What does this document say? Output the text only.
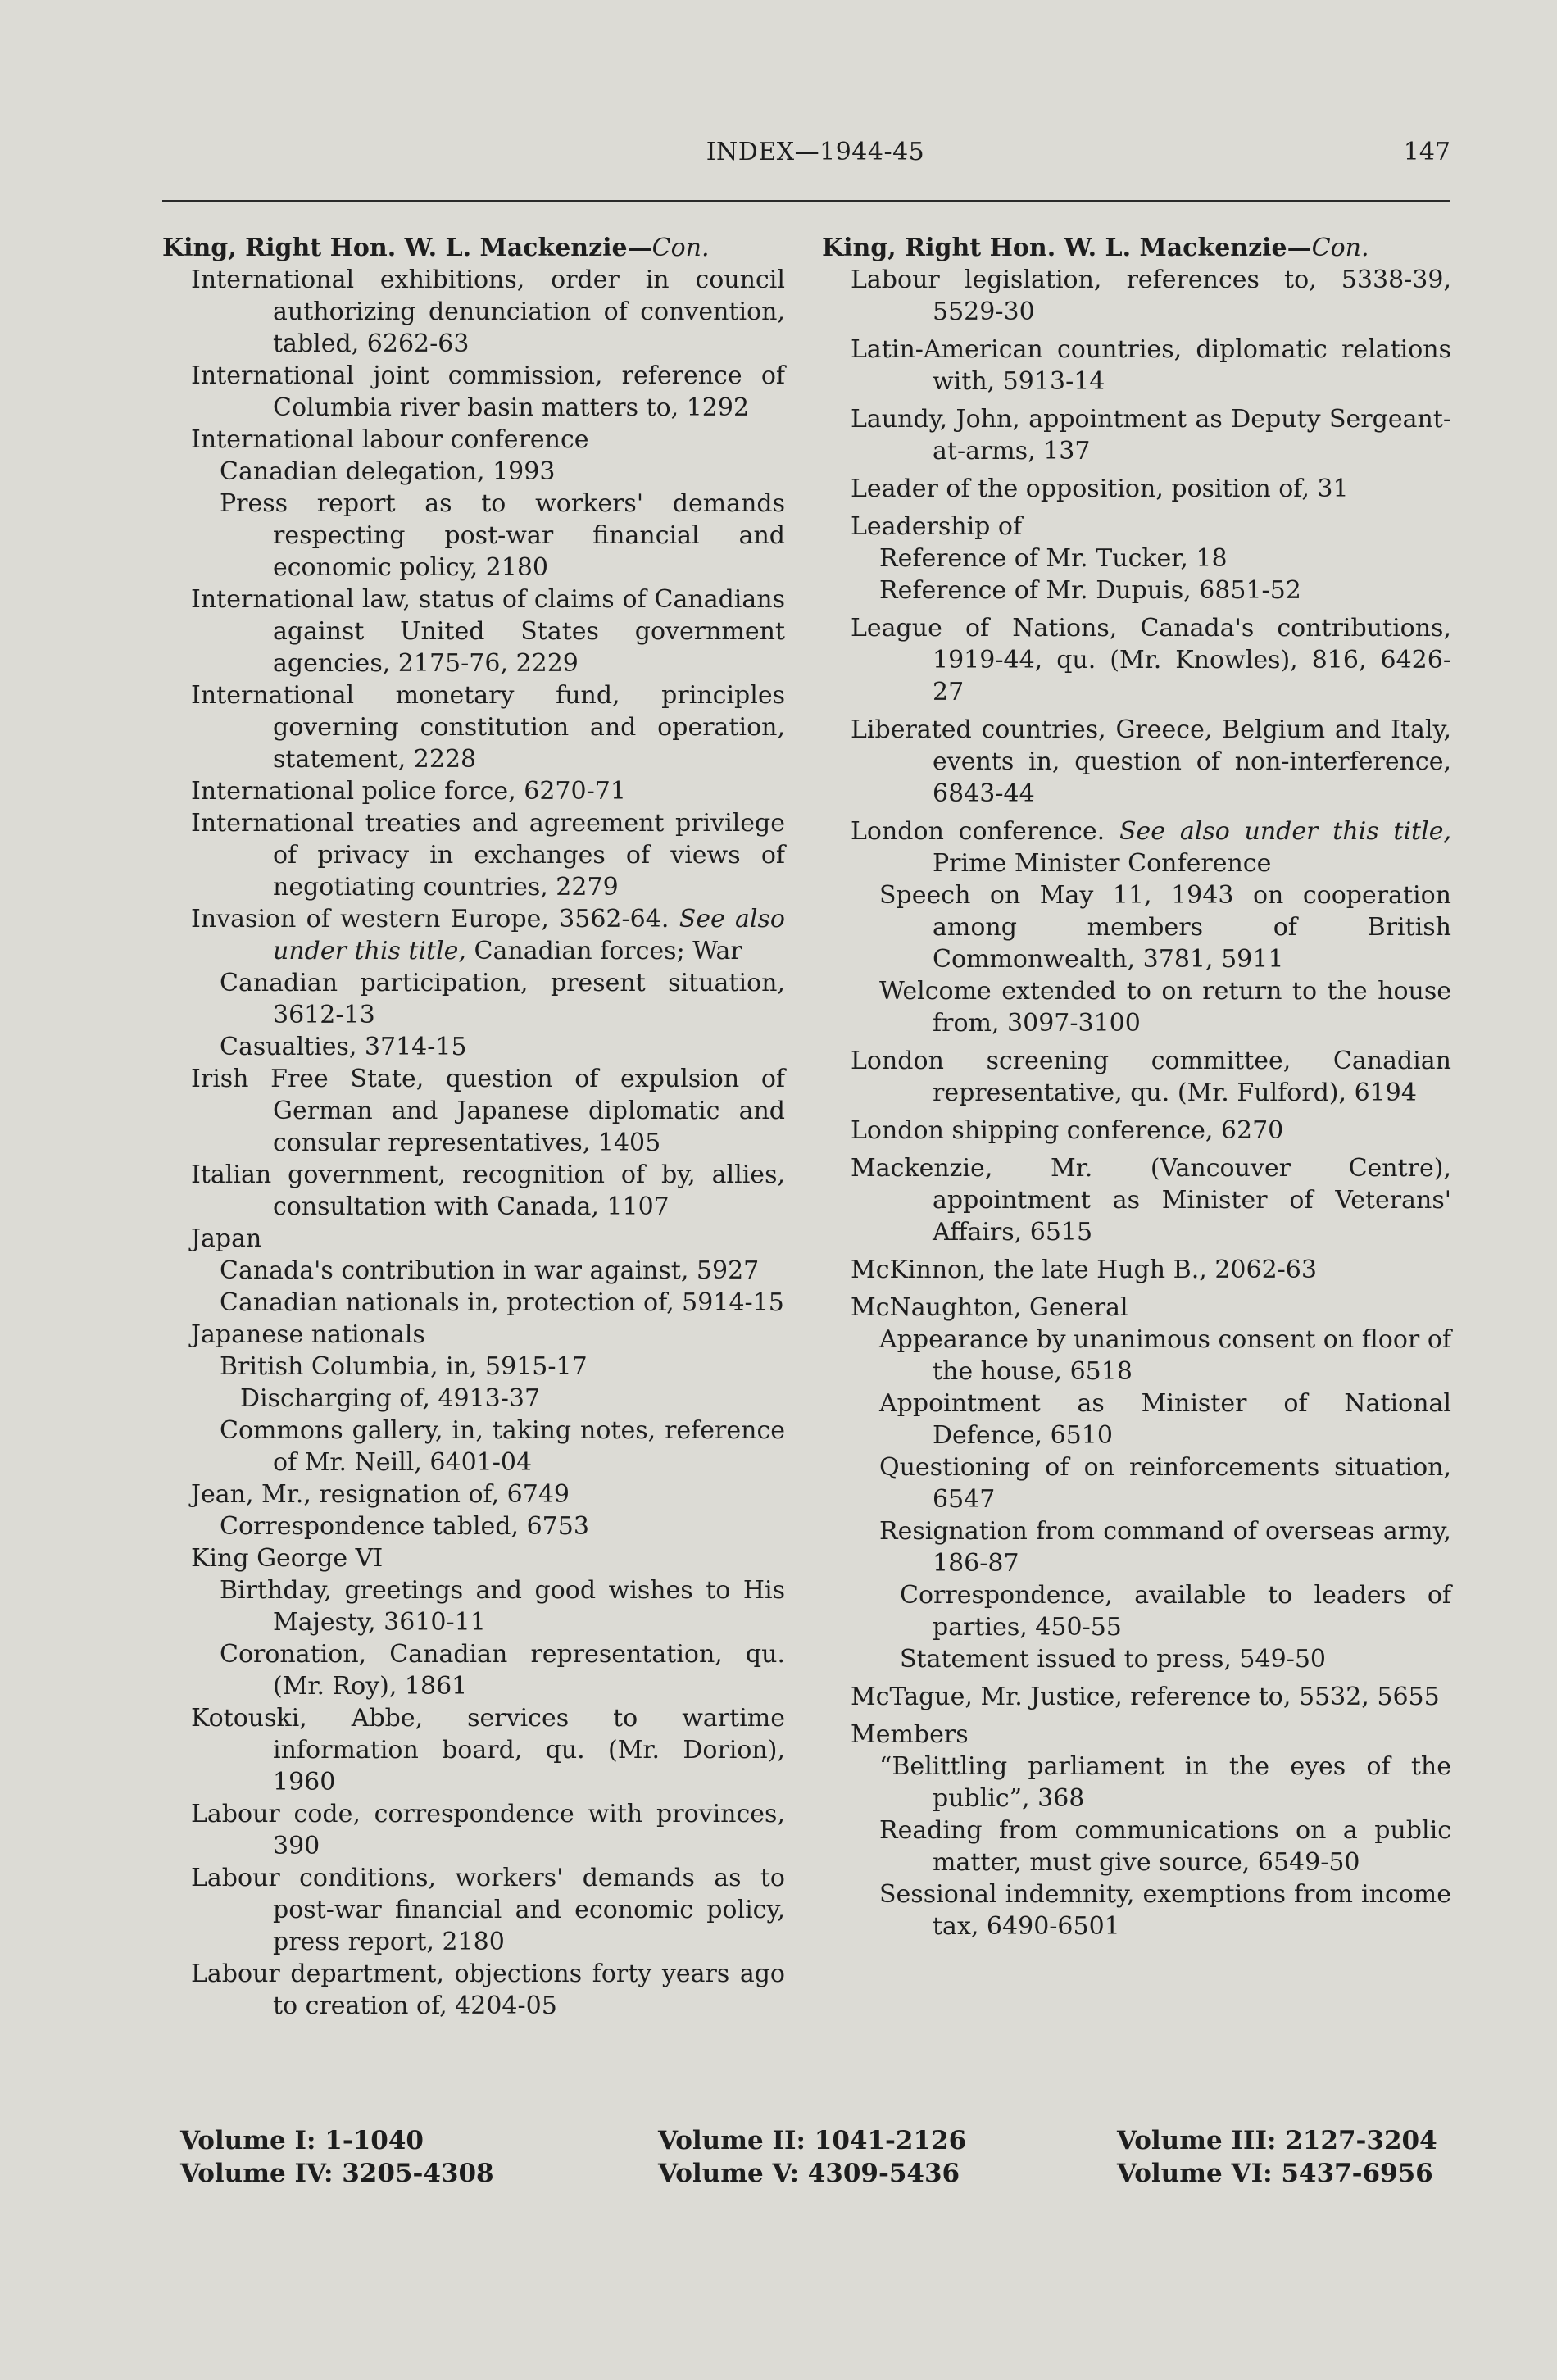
INDEX—1944-45	147
King, Right Hon. W. L. Mackenzie—Con.

International exhibitions, order in council authorizing denunciation of convention, tabled, 6262-63

International joint commission, reference of Columbia river basin matters to, 1292

International labour conference

Canadian delegation, 1993

Press report as to workers' demands respecting post-war financial and economic policy, 2180

International law, status of claims of Canadians against United States government agencies, 2175-76, 2229

International monetary fund, principles governing constitution and operation, statement, 2228

International police force, 6270-71

International treaties and agreement privilege of privacy in exchanges of views of negotiating countries, 2279

Invasion of western Europe, 3562-64. See also under this title, Canadian forces; War

Canadian participation, present situation, 3612-13

Casualties, 3714-15

Irish Free State, question of expulsion of German and Japanese diplomatic and consular representatives, 1405

Italian government, recognition of by, allies, consultation with Canada, 1107

Japan

Canada's contribution in war against, 5927

Canadian nationals in, protection of, 5914-15

Japanese nationals

British Columbia, in, 5915-17

Discharging of, 4913-37

Commons gallery, in, taking notes, reference of Mr. Neill, 6401-04

Jean, Mr., resignation of, 6749

Correspondence tabled, 6753

King George VI

Birthday, greetings and good wishes to His Majesty, 3610-11

Coronation, Canadian representation, qu. (Mr. Roy), 1861

Kotouski, Abbe, services to wartime information board, qu. (Mr. Dorion), 1960

Labour code, correspondence with provinces, 390

Labour conditions, workers' demands as to post-war financial and economic policy, press report, 2180

Labour department, objections forty years ago to creation of, 4204-05

King, Right Hon. W. L. Mackenzie—Con.

Labour legislation, references to, 5338-39, 5529-30

Latin-American countries, diplomatic relations with, 5913-14

Laundy, John, appointment as Deputy Sergeant-at-arms, 137

Leader of the opposition, position of, 31

Leadership of

Reference of Mr. Tucker, 18

Reference of Mr. Dupuis, 6851-52

League of Nations, Canada's contributions, 1919-44, qu. (Mr. Knowles), 816, 6426-27

Liberated countries, Greece, Belgium and Italy, events in, question of non-interference, 6843-44

London conference. See also under this title, Prime Minister Conference

Speech on May 11, 1943 on cooperation among members of British Commonwealth, 3781, 5911

Welcome extended to on return to the house from, 3097-3100

London screening committee, Canadian representative, qu. (Mr. Fulford), 6194

London shipping conference, 6270

Mackenzie, Mr. (Vancouver Centre), appointment as Minister of Veterans' Affairs, 6515

McKinnon, the late Hugh B., 2062-63

McNaughton, General

Appearance by unanimous consent on floor of the house, 6518

Appointment as Minister of National Defence, 6510

Questioning of on reinforcements situation, 6547

Resignation from command of overseas army, 186-87

Correspondence, available to leaders of parties, 450-55

Statement issued to press, 549-50

McTague, Mr. Justice, reference to, 5532, 5655

Members

“Belittling parliament in the eyes of the public”, 368

Reading from communications on a public matter, must give source, 6549-50

Sessional indemnity, exemptions from income tax, 6490-6501

Volume I: 1-1040	Volume II: 1041-2126	Volume III: 2127-3204
Volume IV: 3205-4308	Volume V: 4309-5436	Volume VI: 5437-6956
